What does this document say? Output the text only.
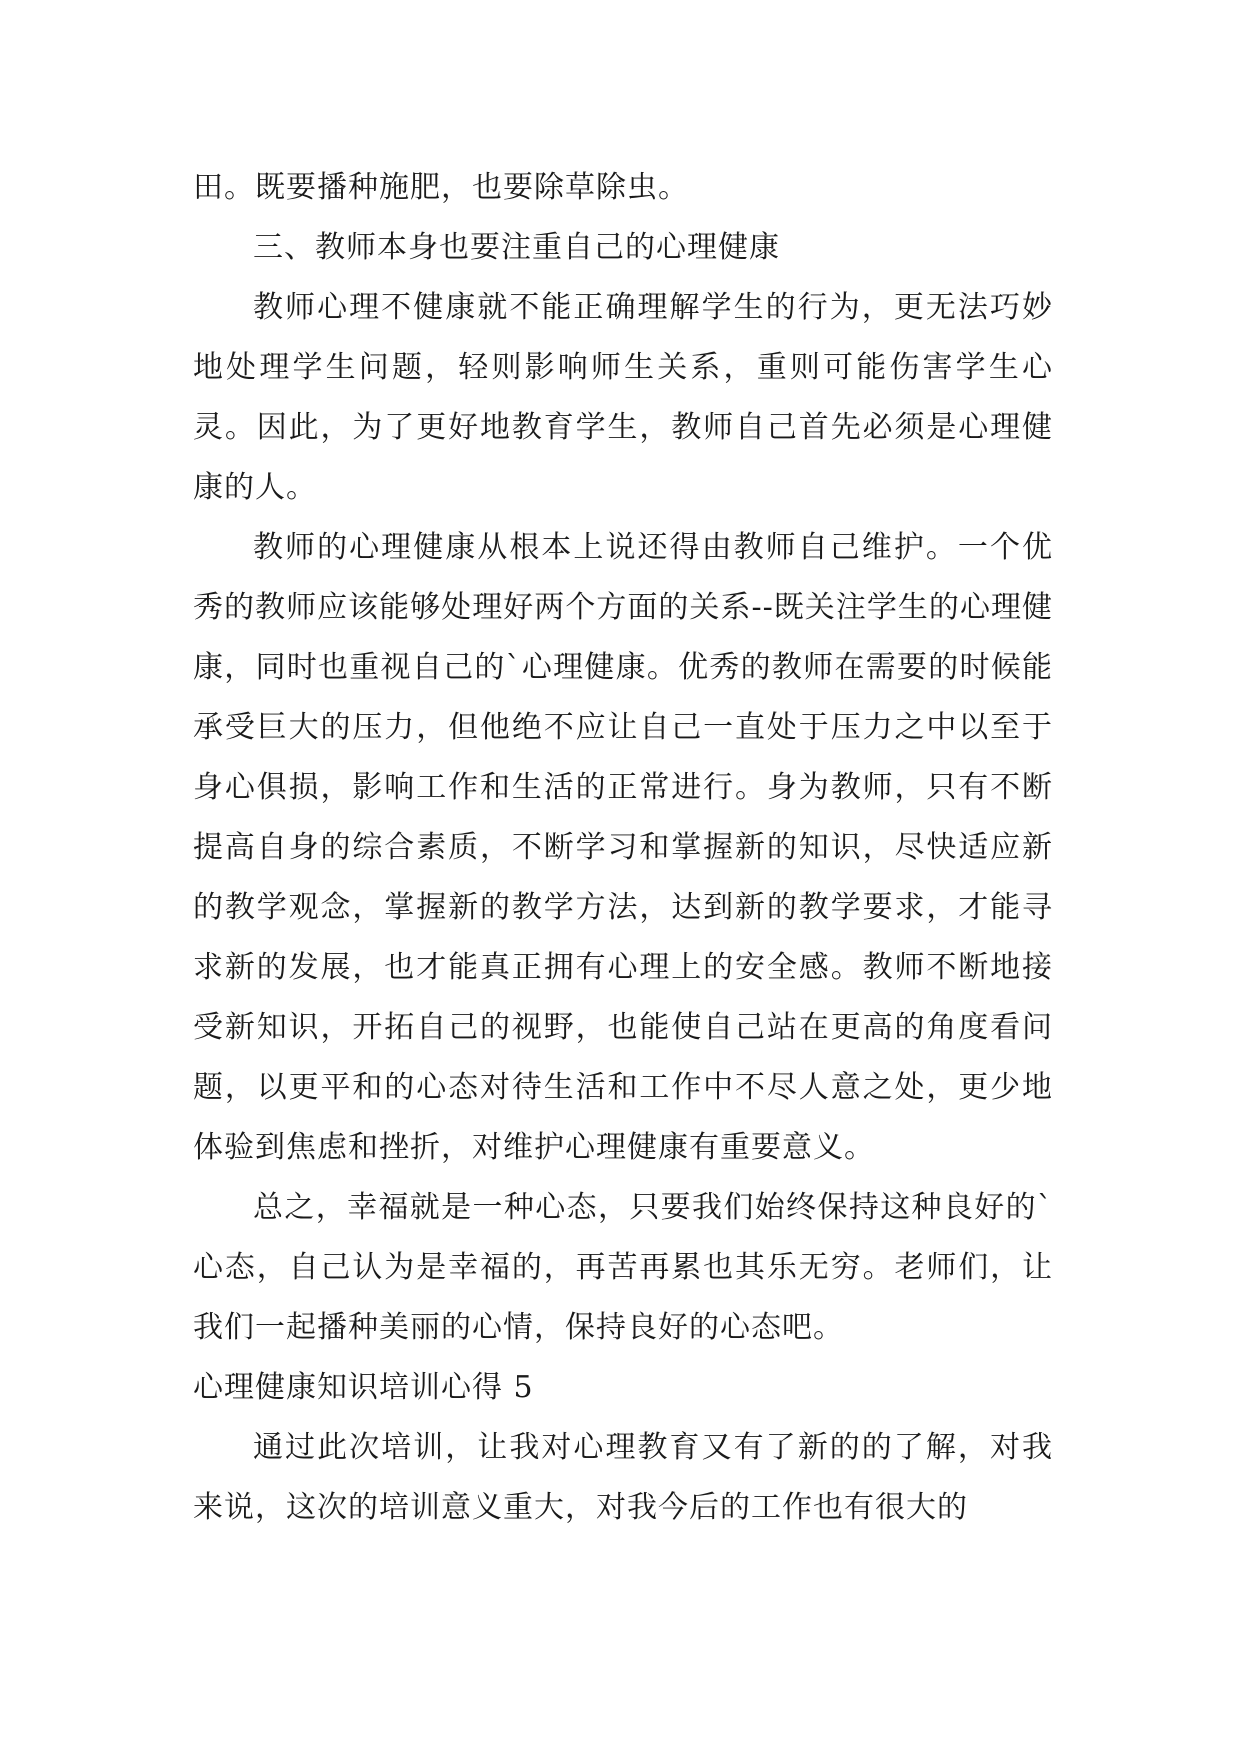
田。既要播种施肥，也要除草除虫。

三、教师本身也要注重自己的心理健康

教师心理不健康就不能正确理解学生的行为，更无法巧妙地处理学生问题，轻则影响师生关系，重则可能伤害学生心灵。因此，为了更好地教育学生，教师自己首先必须是心理健康的人。

教师的心理健康从根本上说还得由教师自己维护。一个优秀的教师应该能够处理好两个方面的关系--既关注学生的心理健康，同时也重视自己的`心理健康。优秀的教师在需要的时候能承受巨大的压力，但他绝不应让自己一直处于压力之中以至于身心俱损，影响工作和生活的正常进行。身为教师，只有不断提高自身的综合素质，不断学习和掌握新的知识，尽快适应新的教学观念，掌握新的教学方法，达到新的教学要求，才能寻求新的发展，也才能真正拥有心理上的安全感。教师不断地接受新知识，开拓自己的视野，也能使自己站在更高的角度看问题，以更平和的心态对待生活和工作中不尽人意之处，更少地体验到焦虑和挫折，对维护心理健康有重要意义。

总之，幸福就是一种心态，只要我们始终保持这种良好的`心态，自己认为是幸福的，再苦再累也其乐无穷。老师们，让我们一起播种美丽的心情，保持良好的心态吧。

心理健康知识培训心得 5

通过此次培训，让我对心理教育又有了新的的了解，对我来说，这次的培训意义重大，对我今后的工作也有很大的
